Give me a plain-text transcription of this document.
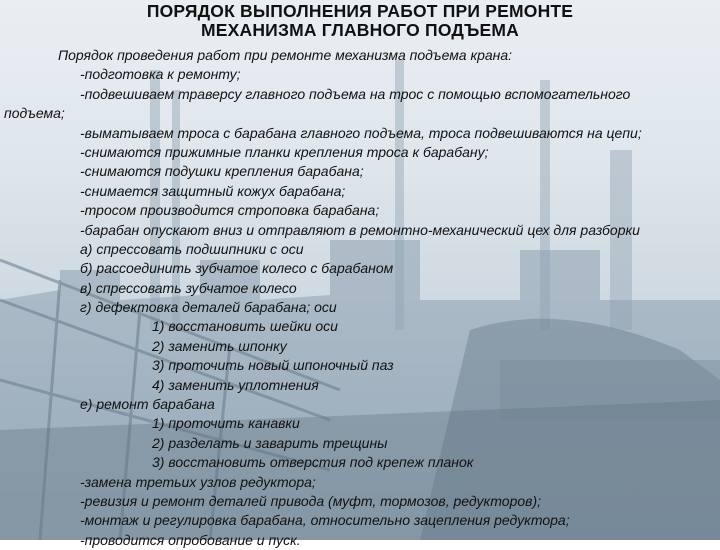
ПОРЯДОК ВЫПОЛНЕНИЯ РАБОТ ПРИ РЕМОНТЕ
МЕХАНИЗМА ГЛАВНОГО ПОДЪЕМА
Порядок проведения работ при ремонте механизма подъема крана:
-подготовка к ремонту;
-подвешиваем траверсу главного подъема на трос с помощью вспомогательного
подъема;
-выматываем троса с барабана главного подъема, троса подвешиваются на цепи;
-снимаются прижимные планки крепления троса к барабану;
-снимаются подушки крепления барабана;
-снимается защитный кожух барабана;
-тросом производится строповка барабана;
-барабан опускают вниз и отправляют в ремонтно-механический цех для разборки
а) спрессовать подшипники с оси
б) рассоединить зубчатое колесо с барабаном
в) спрессовать зубчатое колесо
г) дефектовка деталей барабана; оси
1) восстановить шейки оси
2) заменить шпонку
3) проточить новый шпоночный паз
4) заменить уплотнения
е) ремонт барабана
1) проточить канавки
2) разделать и заварить трещины
3) восстановить отверстия под крепеж планок
-замена третьих узлов редуктора;
-ревизия и ремонт деталей привода (муфт, тормозов, редукторов);
-монтаж и регулировка барабана, относительно зацепления редуктора;
-проводится опробование и пуск.
